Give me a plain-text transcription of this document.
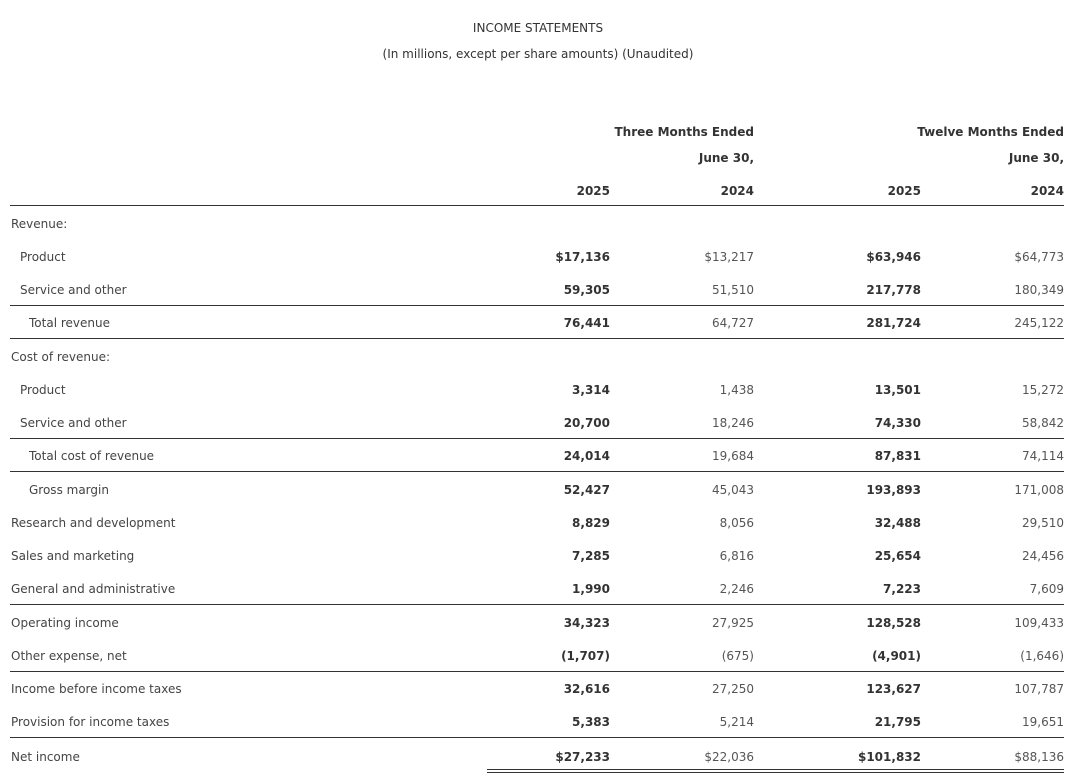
INCOME STATEMENTS
(In millions, except per share amounts) (Unaudited)
Three Months Ended	Twelve Months Ended
June 30,	June 30,
2025	2024	2025	2024
Revenue:
Product	$17,136	$13,217	$63,946	$64,773
Service and other	59,305	51,510	217,778	180,349
Total revenue	76,441	64,727	281,724	245,122
Cost of revenue:
Product	3,314	1,438	13,501	15,272
Service and other	20,700	18,246	74,330	58,842
Total cost of revenue	24,014	19,684	87,831	74,114
Gross margin	52,427	45,043	193,893	171,008
Research and development	8,829	8,056	32,488	29,510
Sales and marketing	7,285	6,816	25,654	24,456
General and administrative	1,990	2,246	7,223	7,609
Operating income	34,323	27,925	128,528	109,433
Other expense, net	(1,707)	(675)	(4,901)	(1,646)
Income before income taxes	32,616	27,250	123,627	107,787
Provision for income taxes	5,383	5,214	21,795	19,651
Net income	$27,233	$22,036	$101,832	$88,136
